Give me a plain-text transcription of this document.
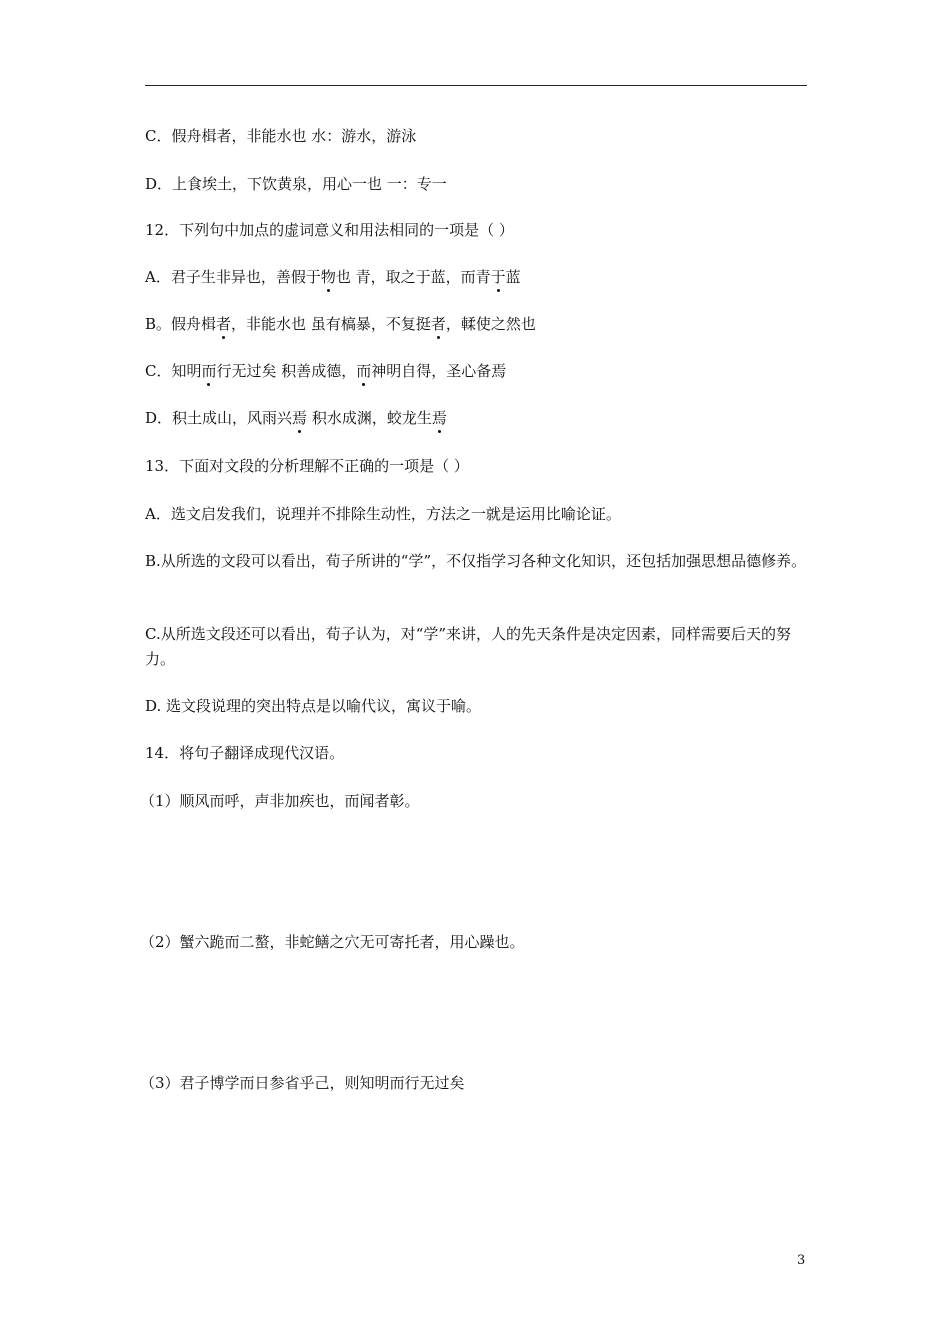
C．假舟楫者，非能水也 水：游水，游泳
D．上食埃土，下饮黄泉，用心一也 一：专一
12．下列句中加点的虚词意义和用法相同的一项是（ ）
A．君子生非异也，善假于物也 青，取之于蓝，而青于蓝
B。假舟楫者，非能水也 虽有槁暴，不复挺者，輮使之然也
C．知明而行无过矣 积善成德，而神明自得，圣心备焉
D．积土成山，风雨兴焉 积水成渊，蛟龙生焉
13．下面对文段的分析理解不正确的一项是（ ）
A．选文启发我们，说理并不排除生动性，方法之一就是运用比喻论证。
B.从所选的文段可以看出，荀子所讲的“学”，不仅指学习各种文化知识，还包括加强思想品德修养。
C.从所选文段还可以看出，荀子认为，对“学”来讲，人的先天条件是决定因素，同样需要后天的努力。
D. 选文段说理的突出特点是以喻代议，寓议于喻。
14．将句子翻译成现代汉语。
（1）顺风而呼，声非加疾也，而闻者彰。
（2）蟹六跪而二螯，非蛇鳝之穴无可寄托者，用心躁也。
（3）君子博学而日参省乎己，则知明而行无过矣
3
